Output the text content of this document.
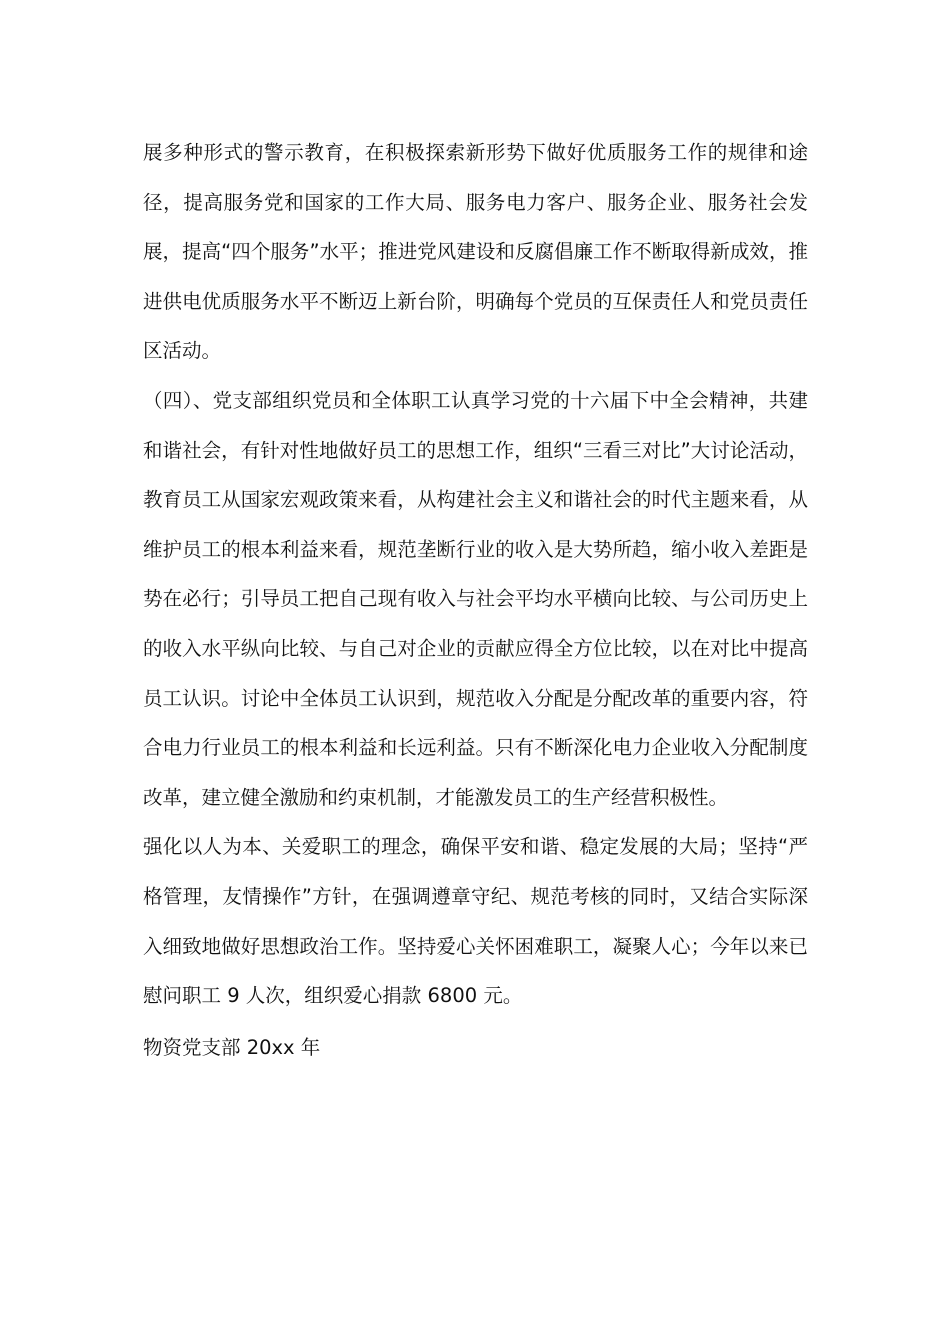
展多种形式的警示教育，在积极探索新形势下做好优质服务工作的规律和途径，提高服务党和国家的工作大局、服务电力客户、服务企业、服务社会发展，提高“四个服务”水平；推进党风建设和反腐倡廉工作不断取得新成效，推进供电优质服务水平不断迈上新台阶，明确每个党员的互保责任人和党员责任区活动。

（四）、党支部组织党员和全体职工认真学习党的十六届下中全会精神，共建和谐社会，有针对性地做好员工的思想工作，组织“三看三对比”大讨论活动，教育员工从国家宏观政策来看，从构建社会主义和谐社会的时代主题来看，从维护员工的根本利益来看，规范垄断行业的收入是大势所趋，缩小收入差距是势在必行；引导员工把自己现有收入与社会平均水平横向比较、与公司历史上的收入水平纵向比较、与自己对企业的贡献应得全方位比较，以在对比中提高员工认识。讨论中全体员工认识到，规范收入分配是分配改革的重要内容，符合电力行业员工的根本利益和长远利益。只有不断深化电力企业收入分配制度改革，建立健全激励和约束机制，才能激发员工的生产经营积极性。

强化以人为本、关爱职工的理念，确保平安和谐、稳定发展的大局；坚持“严格管理，友情操作”方针，在强调遵章守纪、规范考核的同时，又结合实际深入细致地做好思想政治工作。坚持爱心关怀困难职工，凝聚人心；今年以来已慰问职工 9 人次，组织爱心捐款 6800 元。

物资党支部 20xx 年
